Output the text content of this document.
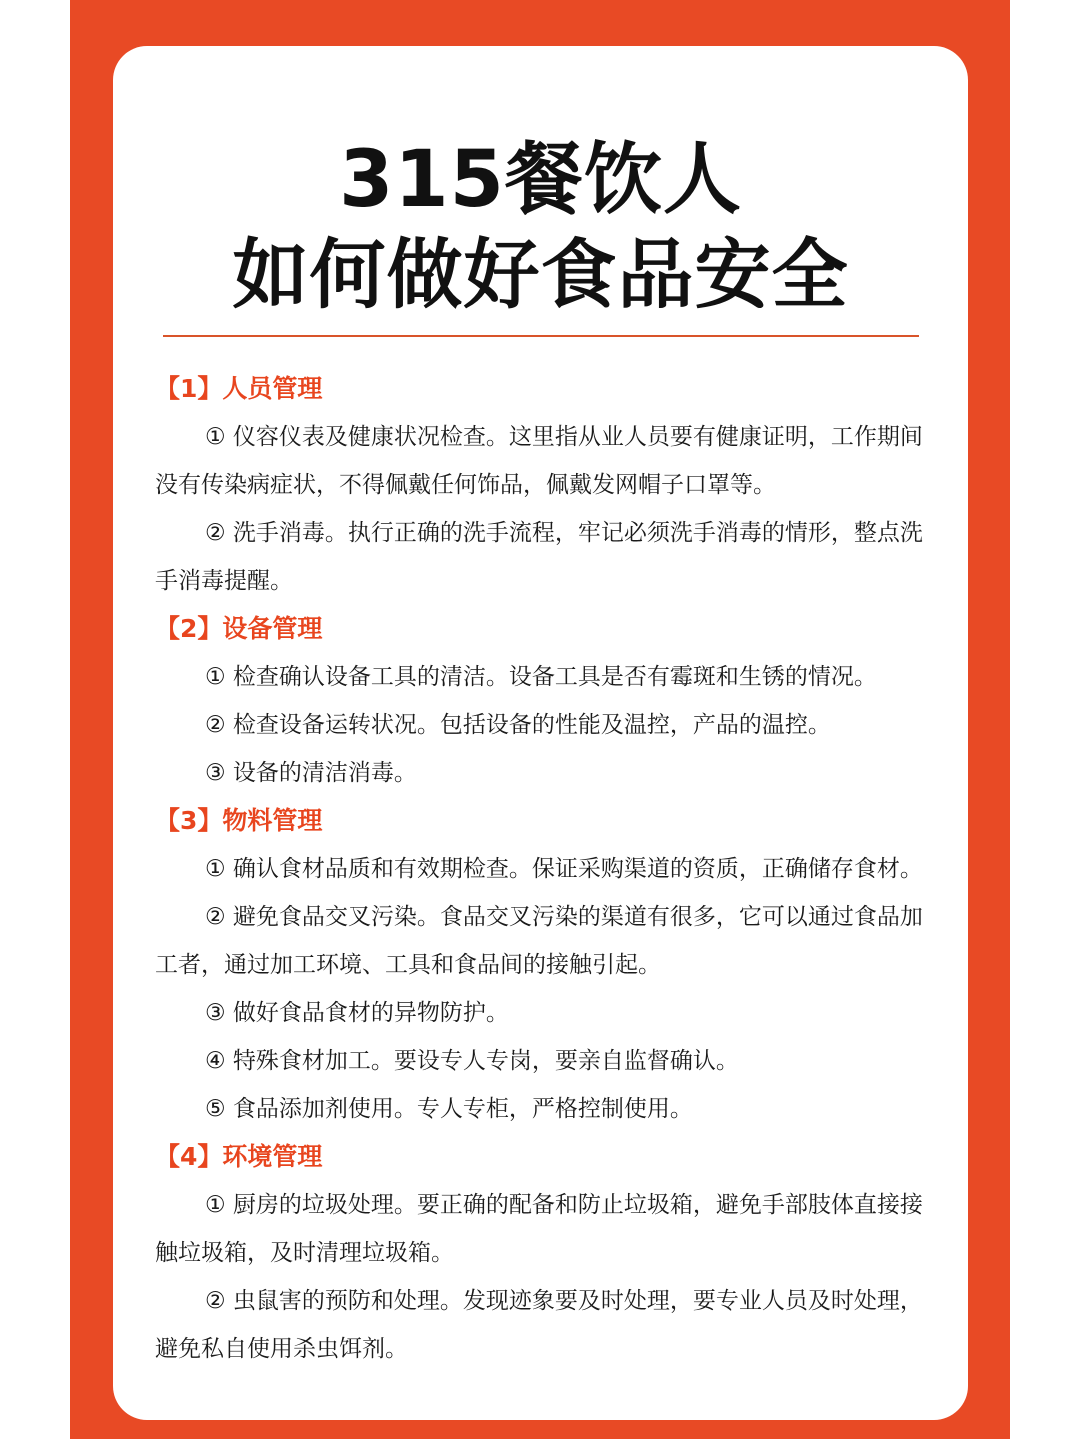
315餐饮人
如何做好食品安全
【1】人员管理

① 仪容仪表及健康状况检查。这里指从业人员要有健康证明，工作期间没有传染病症状，不得佩戴任何饰品，佩戴发网帽子口罩等。

② 洗手消毒。执行正确的洗手流程，牢记必须洗手消毒的情形，整点洗手消毒提醒。

【2】设备管理

① 检查确认设备工具的清洁。设备工具是否有霉斑和生锈的情况。

② 检查设备运转状况。包括设备的性能及温控，产品的温控。

③ 设备的清洁消毒。

【3】物料管理

① 确认食材品质和有效期检查。保证采购渠道的资质，正确储存食材。

② 避免食品交叉污染。食品交叉污染的渠道有很多，它可以通过食品加工者，通过加工环境、工具和食品间的接触引起。

③ 做好食品食材的异物防护。

④ 特殊食材加工。要设专人专岗，要亲自监督确认。

⑤ 食品添加剂使用。专人专柜，严格控制使用。

【4】环境管理

① 厨房的垃圾处理。要正确的配备和防止垃圾箱，避免手部肢体直接接触垃圾箱，及时清理垃圾箱。

② 虫鼠害的预防和处理。发现迹象要及时处理，要专业人员及时处理，避免私自使用杀虫饵剂。
